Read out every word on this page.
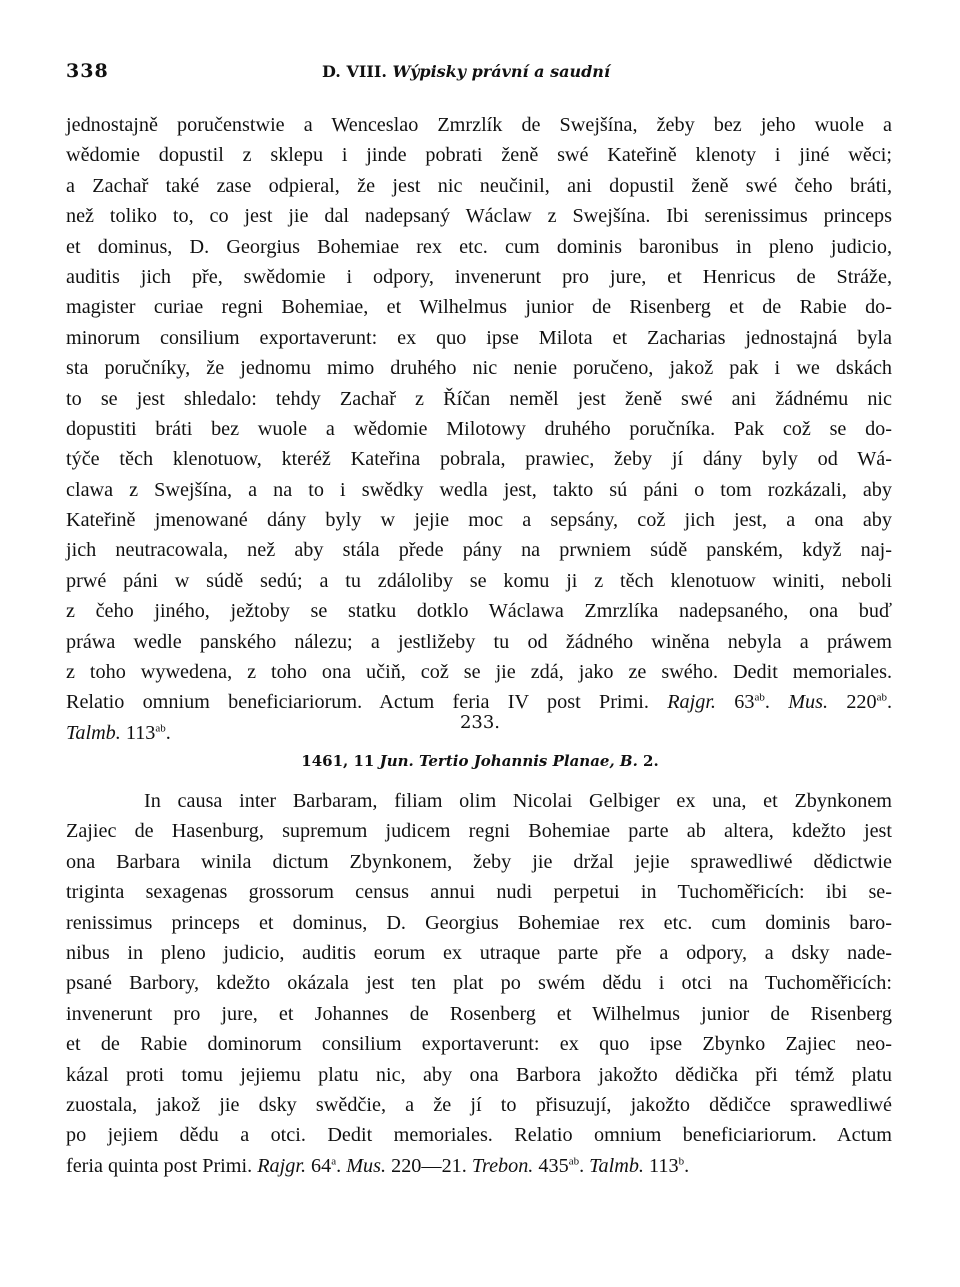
338	D. VIII. Wýpisky právní a saudní
jednostajně poručenstwie a Wenceslao Zmrzlík de Swejšína, žeby bez jeho wuole a
wědomie dopustil z sklepu i jinde pobrati ženě swé Kateřině klenoty i jiné wěci;
a Zachař také zase odpieral, že jest nic neučinil, ani dopustil ženě swé čeho bráti,
než toliko to, co jest jie dal nadepsaný Wáclaw z Swejšína. Ibi serenissimus princeps
et dominus, D. Georgius Bohemiae rex etc. cum dominis baronibus in pleno judicio,
auditis jich pře, swědomie i odpory, invenerunt pro jure, et Henricus de Stráže,
magister curiae regni Bohemiae, et Wilhelmus junior de Risenberg et de Rabie do-
minorum consilium exportaverunt: ex quo ipse Milota et Zacharias jednostajná byla
sta poručníky, že jednomu mimo druhého nic nenie poručeno, jakož pak i we dskách
to se jest shledalo: tehdy Zachař z Říčan neměl jest ženě swé ani žádnému nic
dopustiti bráti bez wuole a wědomie Milotowy druhého poručníka. Pak což se do-
týče těch klenotuow, kteréž Kateřina pobrala, prawiec, žeby jí dány byly od Wá-
clawa z Swejšína, a na to i swědky wedla jest, takto sú páni o tom rozkázali, aby
Kateřině jmenowané dány byly w jejie moc a sepsány, což jich jest, a ona aby
jich neutracowala, než aby stála přede pány na prwniem súdě panském, když naj-
prwé páni w súdě sedú; a tu zdáloliby se komu ji z těch klenotuow winiti, neboli
z čeho jiného, ježtoby se statku dotklo Wáclawa Zmrzlíka nadepsaného, ona buď
práwa wedle panského nálezu; a jestližeby tu od žádného winěna nebyla a práwem
z toho wywedena, z toho ona učiň, což se jie zdá, jako ze swého. Dedit memoriales.
Relatio omnium beneficiariorum. Actum feria IV post Primi. Rajgr. $63^{ab}$. Mus. $220^{ab}$.
Talmb. $113^{ab}$.	233.
1461, 11 Jun. Tertio Johannis Planae, B. 2.
In causa inter Barbaram, filiam olim Nicolai Gelbiger ex una, et Zbynkonem
Zajiec de Hasenburg, supremum judicem regni Bohemiae parte ab altera, kdežto jest
ona Barbara winila dictum Zbynkonem, žeby jie držal jejie sprawedliwé dědictwie
triginta sexagenas grossorum census annui nudi perpetui in Tuchoměřicích: ibi se-
renissimus princeps et dominus, D. Georgius Bohemiae rex etc. cum dominis baro-
nibus in pleno judicio, auditis eorum ex utraque parte pře a odpory, a dsky nade-
psané Barbory, kdežto okázala jest ten plat po swém dědu i otci na Tuchoměřicích:
invenerunt pro jure, et Johannes de Rosenberg et Wilhelmus junior de Risenberg
et de Rabie dominorum consilium exportaverunt: ex quo ipse Zbynko Zajiec neo-
kázal proti tomu jejiemu platu nic, aby ona Barbora jakožto dědička při témž platu
zuostala, jakož jie dsky swědčie, a že jí to přisuzují, jakožto dědičce sprawedliwé
po jejiem dědu a otci. Dedit memoriales. Relatio omnium beneficiariorum. Actum
feria quinta post Primi. Rajgr. 64$^a$. Mus. 220—21. Trebon. $435^{ab}$. Talmb. 113$^b$.
